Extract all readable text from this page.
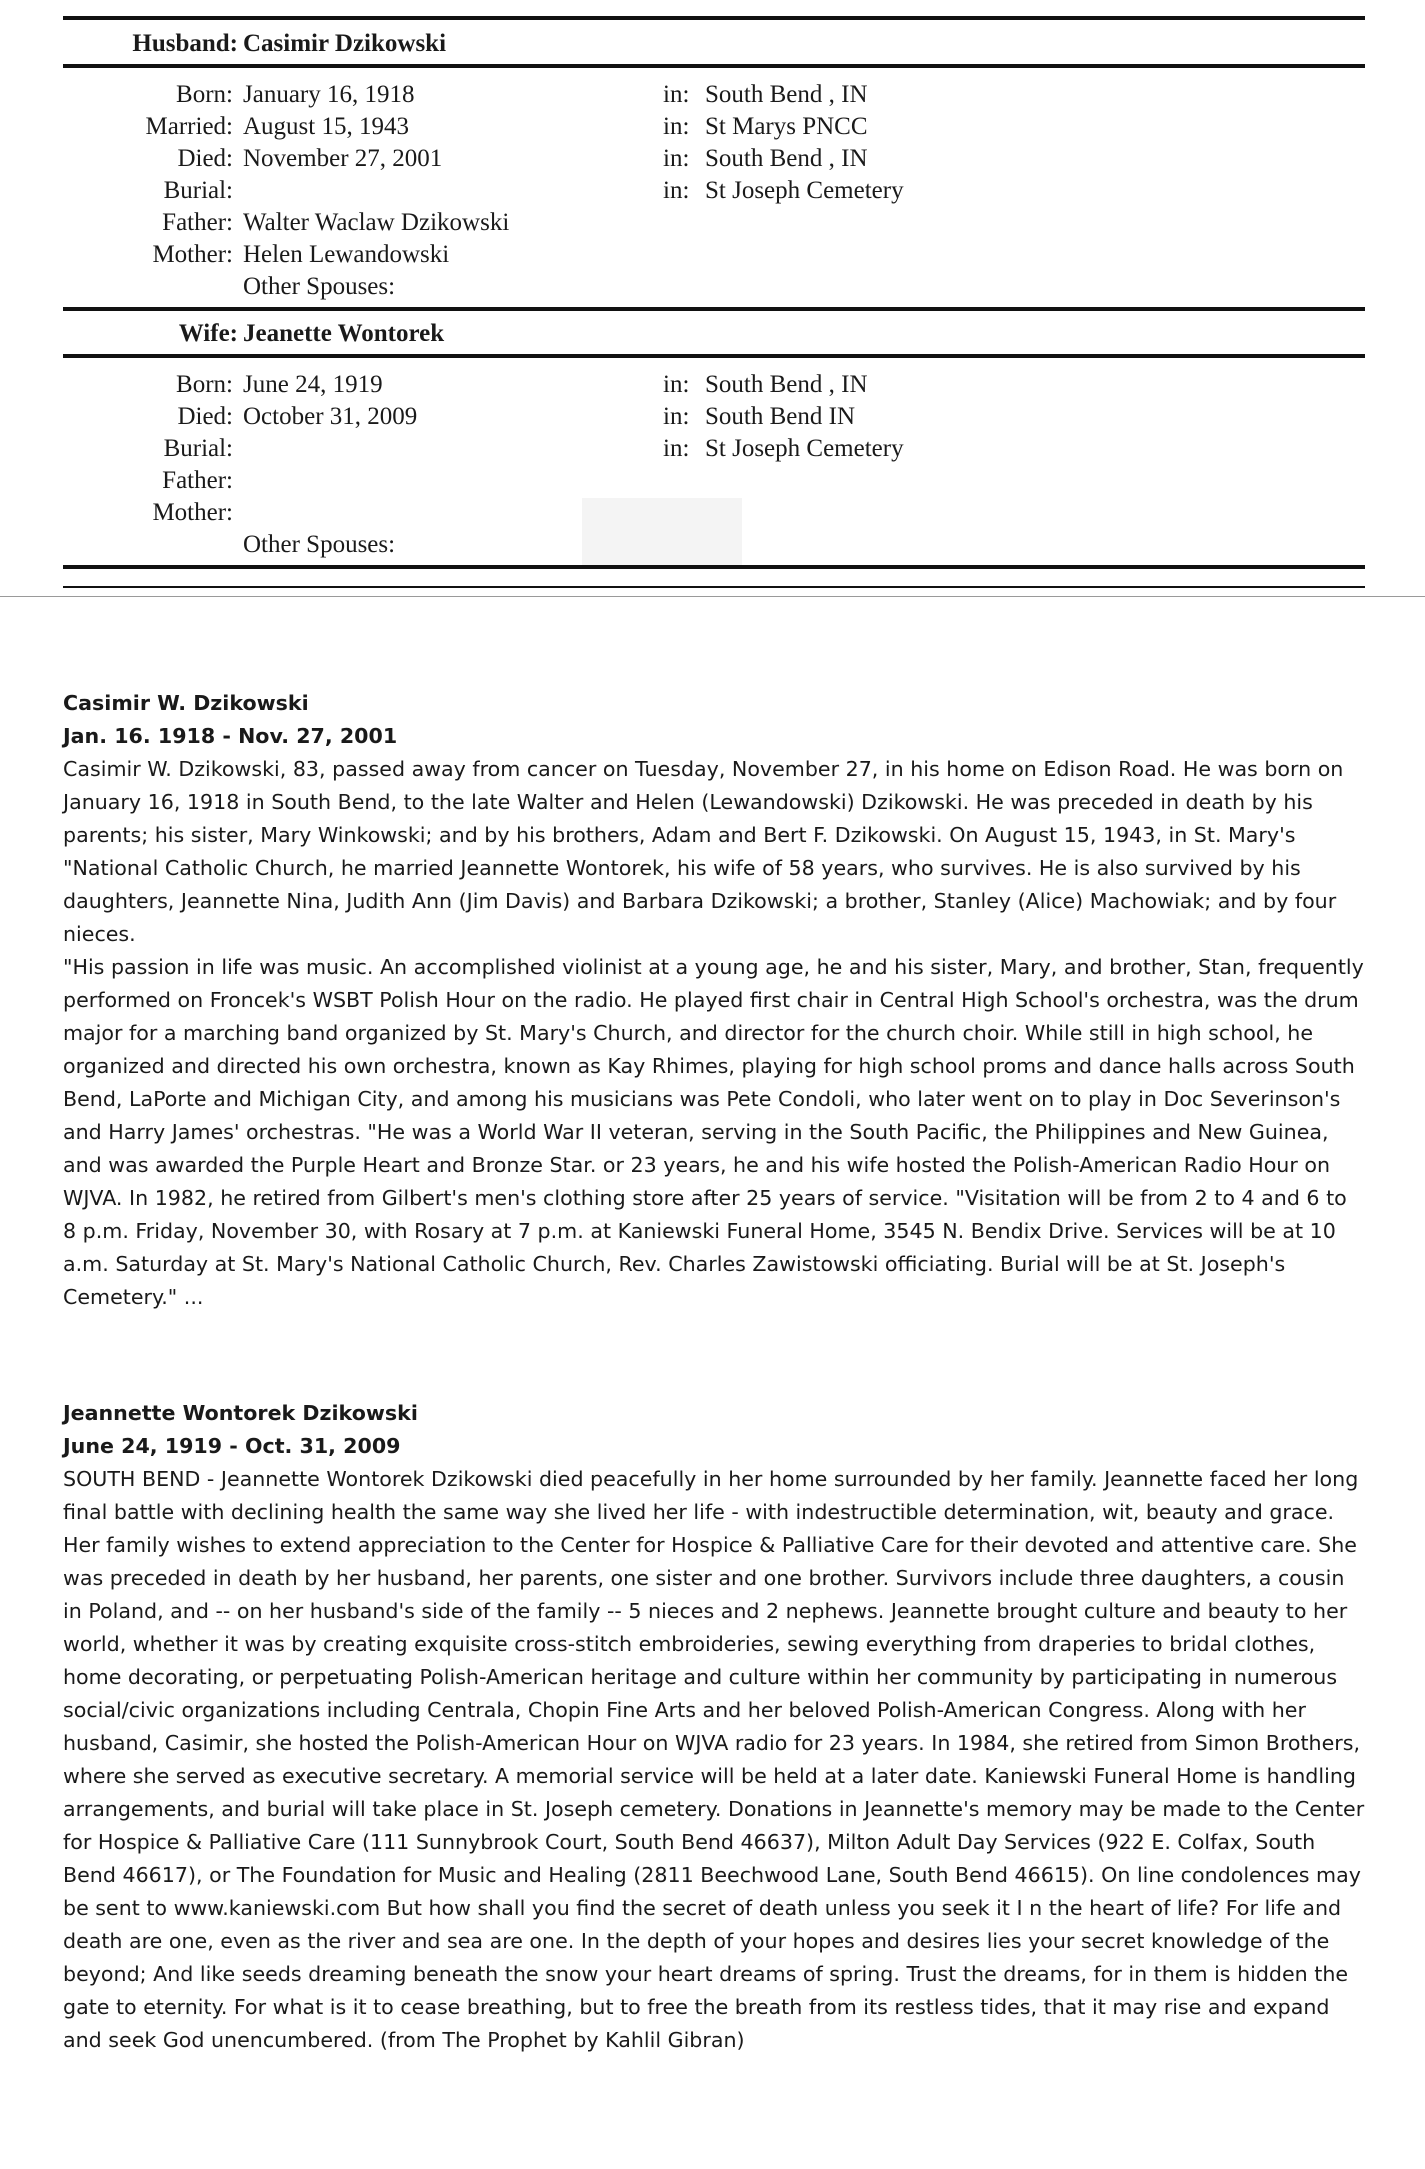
Husband: Casimir Dzikowski
Born: January 16, 1918	in: South Bend , IN
Married: August 15, 1943	in: St Marys PNCC
Died: November 27, 2001	in: South Bend , IN
Burial:	in: St Joseph Cemetery
Father: Walter Waclaw Dzikowski
Mother: Helen Lewandowski
Other Spouses:
Wife: Jeanette Wontorek
Born: June 24, 1919	in: South Bend , IN
Died: October 31, 2009	in: South Bend IN
Burial:	in: St Joseph Cemetery
Father:
Mother:
Other Spouses:
Casimir W. Dzikowski
Jan. 16. 1918 - Nov. 27, 2001

Casimir W. Dzikowski, 83, passed away from cancer on Tuesday, November 27, in his home on Edison Road. He was born on January 16, 1918 in South Bend, to the late Walter and Helen (Lewandowski) Dzikowski. He was preceded in death by his parents; his sister, Mary Winkowski; and by his brothers, Adam and Bert F. Dzikowski. On August 15, 1943, in St. Mary's "National Catholic Church, he married Jeannette Wontorek, his wife of 58 years, who survives. He is also survived by his daughters, Jeannette Nina, Judith Ann (Jim Davis) and Barbara Dzikowski; a brother, Stanley (Alice) Machowiak; and by four nieces.

"His passion in life was music. An accomplished violinist at a young age, he and his sister, Mary, and brother, Stan, frequently performed on Froncek's WSBT Polish Hour on the radio. He played first chair in Central High School's orchestra, was the drum major for a marching band organized by St. Mary's Church, and director for the church choir. While still in high school, he organized and directed his own orchestra, known as Kay Rhimes, playing for high school proms and dance halls across South Bend, LaPorte and Michigan City, and among his musicians was Pete Condoli, who later went on to play in Doc Severinson's and Harry James' orchestras. "He was a World War II veteran, serving in the South Pacific, the Philippines and New Guinea, and was awarded the Purple Heart and Bronze Star. or 23 years, he and his wife hosted the Polish-American Radio Hour on WJVA. In 1982, he retired from Gilbert's men's clothing store after 25 years of service. "Visitation will be from 2 to 4 and 6 to 8 p.m. Friday, November 30, with Rosary at 7 p.m. at Kaniewski Funeral Home, 3545 N. Bendix Drive. Services will be at 10 a.m. Saturday at St. Mary's National Catholic Church, Rev. Charles Zawistowski officiating. Burial will be at St. Joseph's Cemetery." ...

Jeannette Wontorek Dzikowski
June 24, 1919 - Oct. 31, 2009

SOUTH BEND - Jeannette Wontorek Dzikowski died peacefully in her home surrounded by her family. Jeannette faced her long final battle with declining health the same way she lived her life - with indestructible determination, wit, beauty and grace. Her family wishes to extend appreciation to the Center for Hospice & Palliative Care for their devoted and attentive care. She was preceded in death by her husband, her parents, one sister and one brother. Survivors include three daughters, a cousin in Poland, and -- on her husband's side of the family -- 5 nieces and 2 nephews. Jeannette brought culture and beauty to her world, whether it was by creating exquisite cross-stitch embroideries, sewing everything from draperies to bridal clothes, home decorating, or perpetuating Polish-American heritage and culture within her community by participating in numerous social/civic organizations including Centrala, Chopin Fine Arts and her beloved Polish-American Congress. Along with her husband, Casimir, she hosted the Polish-American Hour on WJVA radio for 23 years. In 1984, she retired from Simon Brothers, where she served as executive secretary. A memorial service will be held at a later date. Kaniewski Funeral Home is handling arrangements, and burial will take place in St. Joseph cemetery. Donations in Jeannette's memory may be made to the Center for Hospice & Palliative Care (111 Sunnybrook Court, South Bend 46637), Milton Adult Day Services (922 E. Colfax, South Bend 46617), or The Foundation for Music and Healing (2811 Beechwood Lane, South Bend 46615). On line condolences may be sent to www.kaniewski.com But how shall you find the secret of death unless you seek it I n the heart of life? For life and death are one, even as the river and sea are one. In the depth of your hopes and desires lies your secret knowledge of the beyond; And like seeds dreaming beneath the snow your heart dreams of spring. Trust the dreams, for in them is hidden the gate to eternity. For what is it to cease breathing, but to free the breath from its restless tides, that it may rise and expand and seek God unencumbered. (from The Prophet by Kahlil Gibran)
